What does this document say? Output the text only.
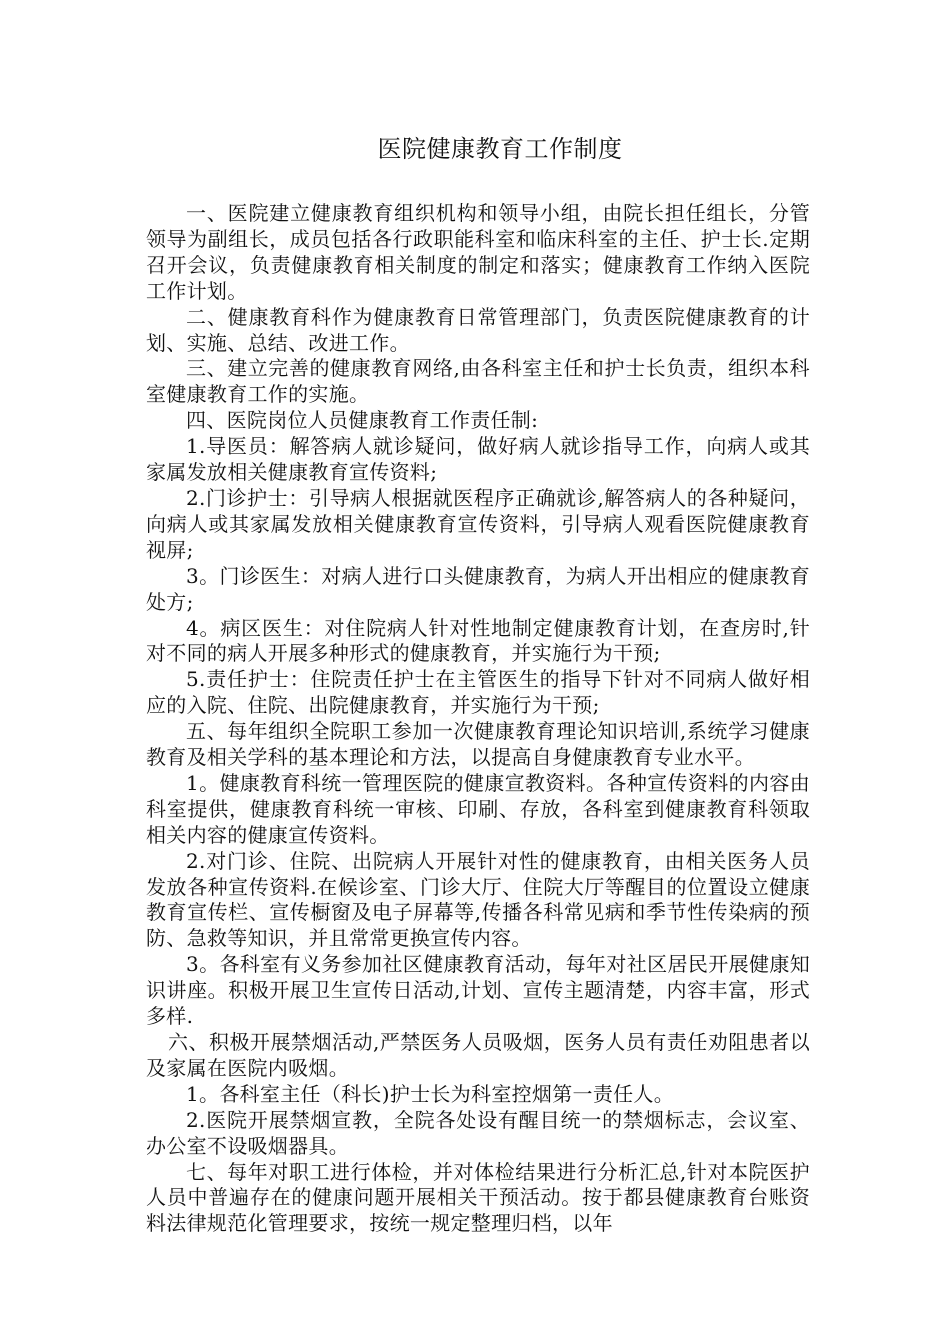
医院健康教育工作制度

一、医院建立健康教育组织机构和领导小组，由院长担任组长，分管领导为副组长，成员包括各行政职能科室和临床科室的主任、护士长.定期召开会议，负责健康教育相关制度的制定和落实；健康教育工作纳入医院工作计划。

二、健康教育科作为健康教育日常管理部门，负责医院健康教育的计划、实施、总结、改进工作。

三、建立完善的健康教育网络,由各科室主任和护士长负责，组织本科室健康教育工作的实施。

四、医院岗位人员健康教育工作责任制:

1.导医员：解答病人就诊疑问，做好病人就诊指导工作，向病人或其家属发放相关健康教育宣传资料;

2.门诊护士：引导病人根据就医程序正确就诊,解答病人的各种疑问，向病人或其家属发放相关健康教育宣传资料，引导病人观看医院健康教育视屏;

3。门诊医生：对病人进行口头健康教育，为病人开出相应的健康教育处方;

4。病区医生：对住院病人针对性地制定健康教育计划，在查房时,针对不同的病人开展多种形式的健康教育，并实施行为干预;

5.责任护士：住院责任护士在主管医生的指导下针对不同病人做好相应的入院、住院、出院健康教育，并实施行为干预;

五、每年组织全院职工参加一次健康教育理论知识培训,系统学习健康教育及相关学科的基本理论和方法，以提高自身健康教育专业水平。

1。健康教育科统一管理医院的健康宣教资料。各种宣传资料的内容由科室提供，健康教育科统一审核、印刷、存放，各科室到健康教育科领取相关内容的健康宣传资料。

2.对门诊、住院、出院病人开展针对性的健康教育，由相关医务人员发放各种宣传资料.在候诊室、门诊大厅、住院大厅等醒目的位置设立健康教育宣传栏、宣传橱窗及电子屏幕等,传播各科常见病和季节性传染病的预防、急救等知识，并且常常更换宣传内容。

3。各科室有义务参加社区健康教育活动，每年对社区居民开展健康知识讲座。积极开展卫生宣传日活动,计划、宣传主题清楚，内容丰富，形式多样.

六、积极开展禁烟活动,严禁医务人员吸烟，医务人员有责任劝阻患者以及家属在医院内吸烟。

1。各科室主任（科长)护士长为科室控烟第一责任人。

2.医院开展禁烟宣教，全院各处设有醒目统一的禁烟标志，会议室、办公室不设吸烟器具。

七、每年对职工进行体检，并对体检结果进行分析汇总,针对本院医护人员中普遍存在的健康问题开展相关干预活动。按于都县健康教育台账资料法律规范化管理要求，按统一规定整理归档，以年
